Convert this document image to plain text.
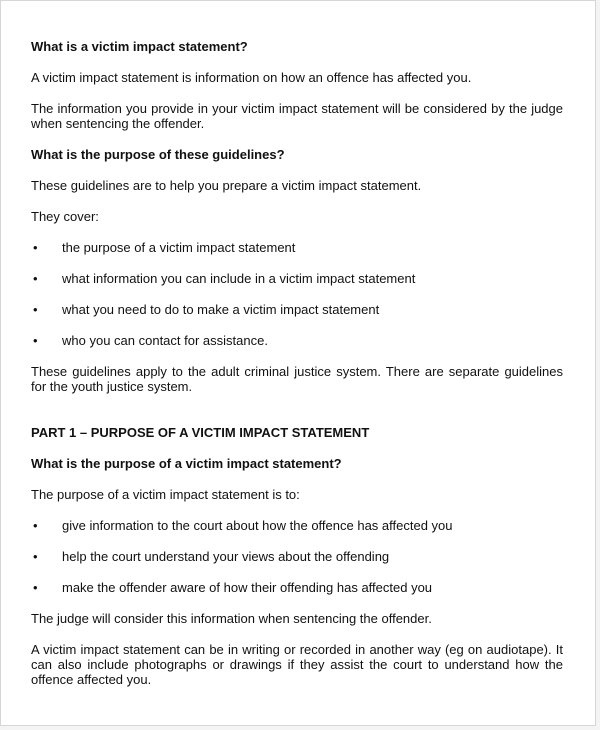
What is a victim impact statement?

A victim impact statement is information on how an offence has affected you.

The information you provide in your victim impact statement will be considered by the judge when sentencing the offender.

What is the purpose of these guidelines?

These guidelines are to help you prepare a victim impact statement.

They cover:

•	the purpose of a victim impact statement
•	what information you can include in a victim impact statement
•	what you need to do to make a victim impact statement
•	who you can contact for assistance.

These guidelines apply to the adult criminal justice system. There are separate guidelines for the youth justice system.

PART 1 – PURPOSE OF A VICTIM IMPACT STATEMENT

What is the purpose of a victim impact statement?

The purpose of a victim impact statement is to:

•	give information to the court about how the offence has affected you
•	help the court understand your views about the offending
•	make the offender aware of how their offending has affected you

The judge will consider this information when sentencing the offender.

A victim impact statement can be in writing or recorded in another way (eg on audiotape). It can also include photographs or drawings if they assist the court to understand how the offence affected you.
